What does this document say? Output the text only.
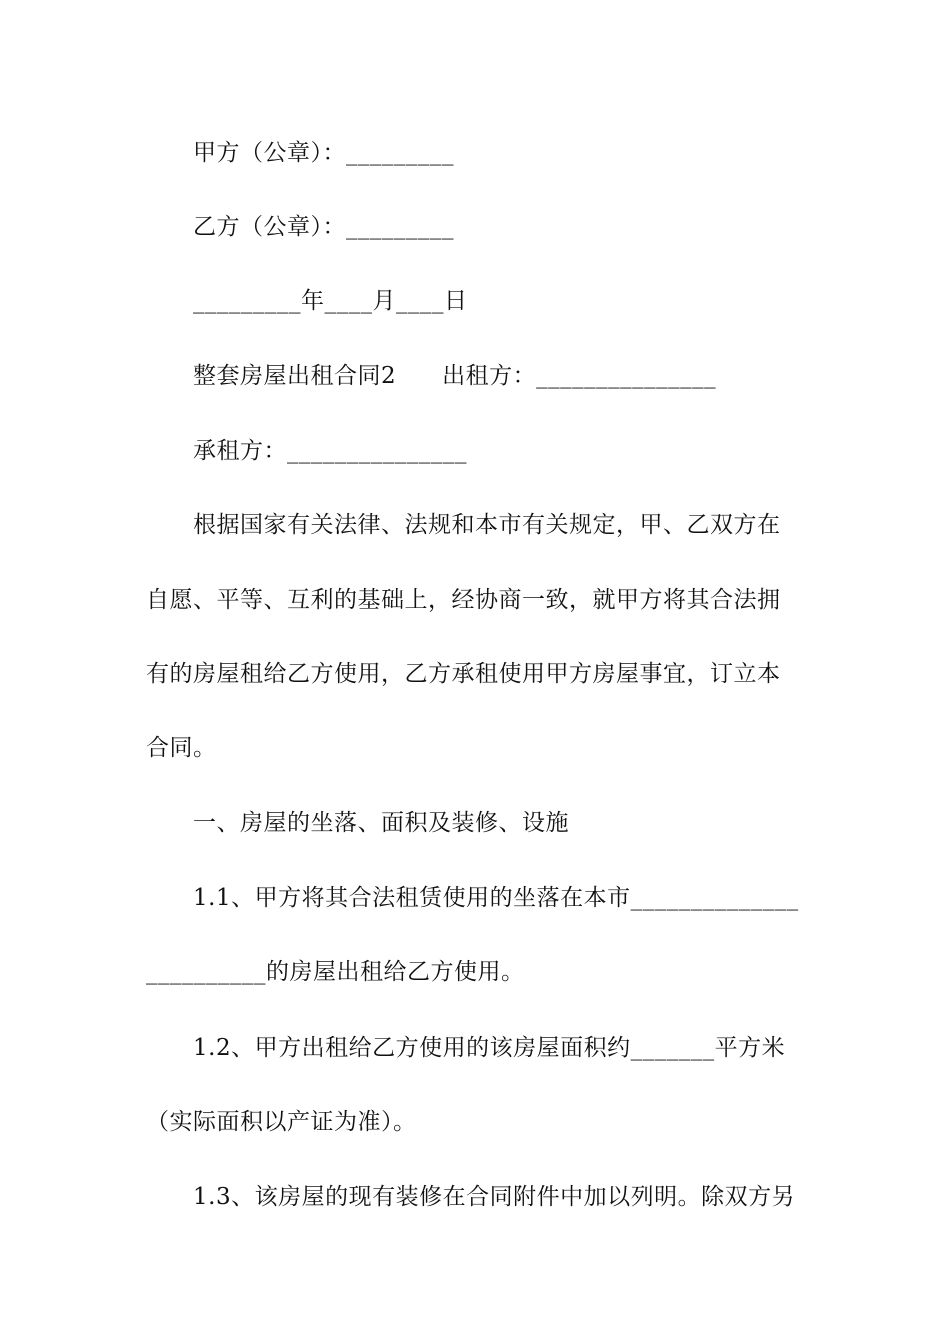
甲方（公章）：_________
乙方（公章）：_________
_________年____月____日
整套房屋出租合同2 出租方：_______________
承租方：_______________
根据国家有关法律、法规和本市有关规定，甲、乙双方在
自愿、平等、互利的基础上，经协商一致，就甲方将其合法拥
有的房屋租给乙方使用，乙方承租使用甲方房屋事宜，订立本
合同。
一、房屋的坐落、面积及装修、设施
1.1、甲方将其合法租赁使用的坐落在本市______________
__________的房屋出租给乙方使用。
1.2、甲方出租给乙方使用的该房屋面积约_______平方米
（实际面积以产证为准）。
1.3、该房屋的现有装修在合同附件中加以列明。除双方另
